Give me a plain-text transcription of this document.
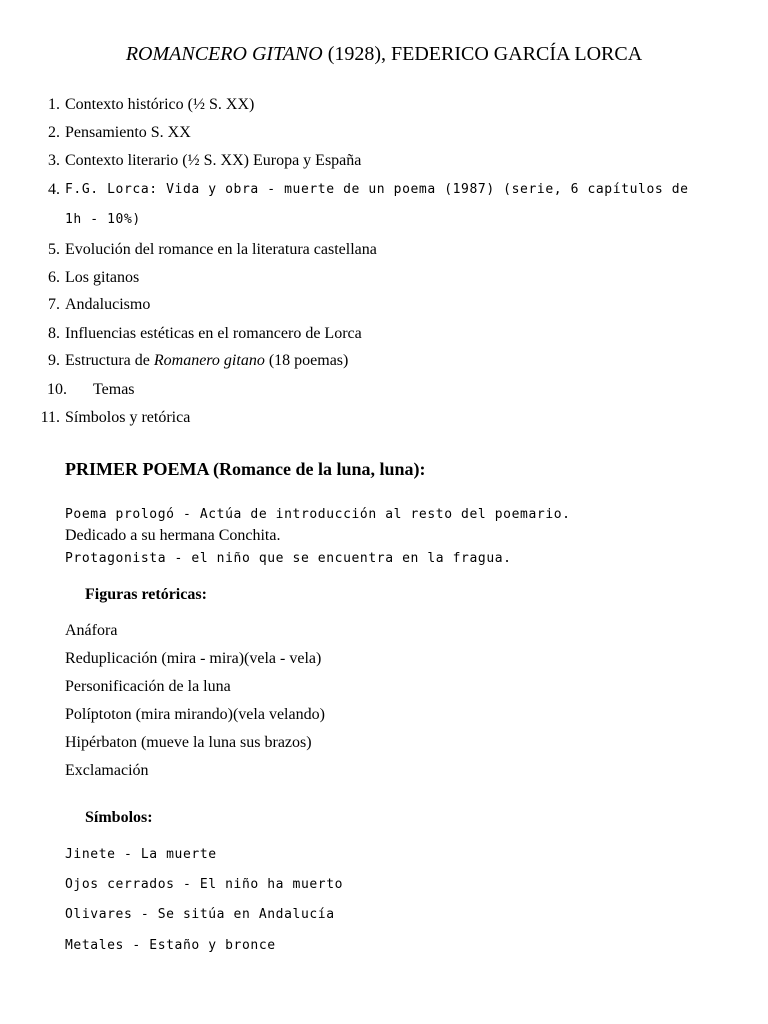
ROMANCERO GITANO (1928), FEDERICO GARCÍA LORCA
1. Contexto histórico (½ S. XX)
2. Pensamiento S. XX
3. Contexto literario (½ S. XX) Europa y España
4. F.G. Lorca: Vida y obra - muerte de un poema (1987) (serie, 6 capítulos de
1h - 10%)
5. Evolución del romance en la literatura castellana
6. Los gitanos
7. Andalucismo
8. Influencias estéticas en el romancero de Lorca
9. Estructura de Romanero gitano (18 poemas)
10. Temas
11. Símbolos y retórica
PRIMER POEMA (Romance de la luna, luna):
Poema prologó - Actúa de introducción al resto del poemario.
Dedicado a su hermana Conchita.
Protagonista - el niño que se encuentra en la fragua.
Figuras retóricas:
Anáfora
Reduplicación (mira - mira)(vela - vela)
Personificación de la luna
Políptoton (mira mirando)(vela velando)
Hipérbaton (mueve la luna sus brazos)
Exclamación
Símbolos:
Jinete - La muerte
Ojos cerrados - El niño ha muerto
Olivares - Se sitúa en Andalucía
Metales - Estaño y bronce
